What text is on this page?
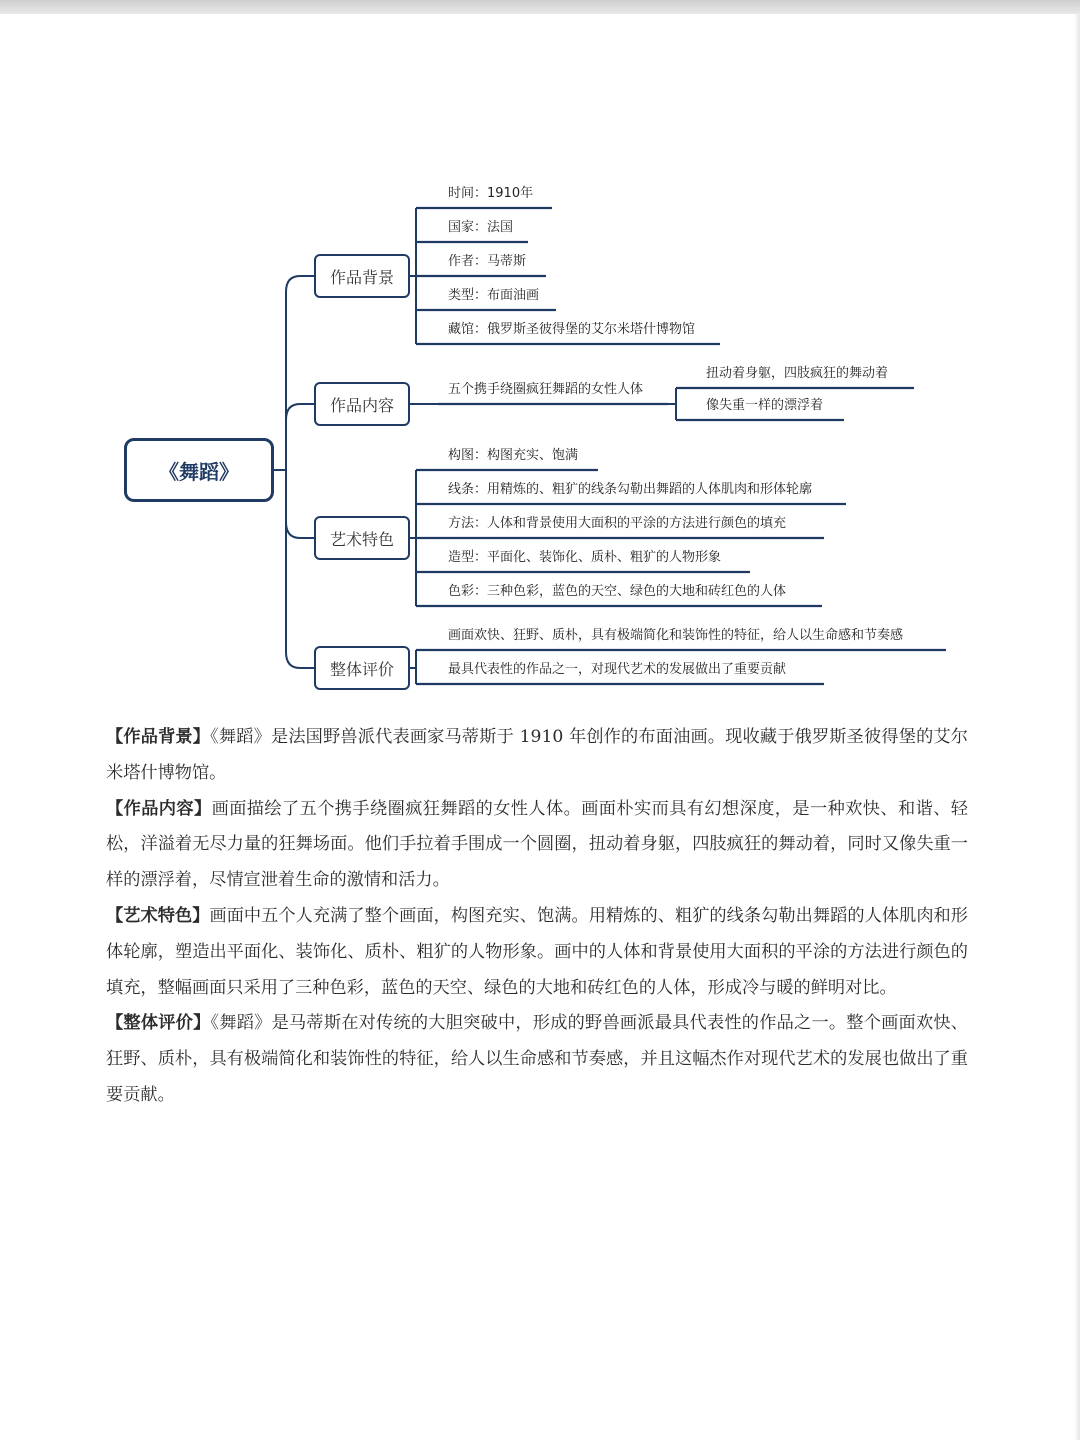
《舞蹈》
作品背景
作品内容
艺术特色
整体评价
时间：1910年
国家：法国
作者：马蒂斯
类型：布面油画
藏馆：俄罗斯圣彼得堡的艾尔米塔什博物馆
五个携手绕圈疯狂舞蹈的女性人体
扭动着身躯，四肢疯狂的舞动着
像失重一样的漂浮着
构图：构图充实、饱满
线条：用精炼的、粗犷的线条勾勒出舞蹈的人体肌肉和形体轮廓
方法：人体和背景使用大面积的平涂的方法进行颜色的填充
造型：平面化、装饰化、质朴、粗犷的人物形象
色彩：三种色彩，蓝色的天空、绿色的大地和砖红色的人体
画面欢快、狂野、质朴，具有极端简化和装饰性的特征，给人以生命感和节奏感
最具代表性的作品之一，对现代艺术的发展做出了重要贡献

【作品背景】《舞蹈》是法国野兽派代表画家马蒂斯于 1910 年创作的布面油画。现收藏于俄罗斯圣彼得堡的艾尔米塔什博物馆。

【作品内容】画面描绘了五个携手绕圈疯狂舞蹈的女性人体。画面朴实而具有幻想深度，是一种欢快、和谐、轻松，洋溢着无尽力量的狂舞场面。他们手拉着手围成一个圆圈，扭动着身躯，四肢疯狂的舞动着，同时又像失重一样的漂浮着，尽情宣泄着生命的激情和活力。

【艺术特色】画面中五个人充满了整个画面，构图充实、饱满。用精炼的、粗犷的线条勾勒出舞蹈的人体肌肉和形体轮廓，塑造出平面化、装饰化、质朴、粗犷的人物形象。画中的人体和背景使用大面积的平涂的方法进行颜色的填充，整幅画面只采用了三种色彩，蓝色的天空、绿色的大地和砖红色的人体，形成冷与暖的鲜明对比。

【整体评价】《舞蹈》是马蒂斯在对传统的大胆突破中，形成的野兽画派最具代表性的作品之一。整个画面欢快、狂野、质朴，具有极端简化和装饰性的特征，给人以生命感和节奏感，并且这幅杰作对现代艺术的发展也做出了重要贡献。
